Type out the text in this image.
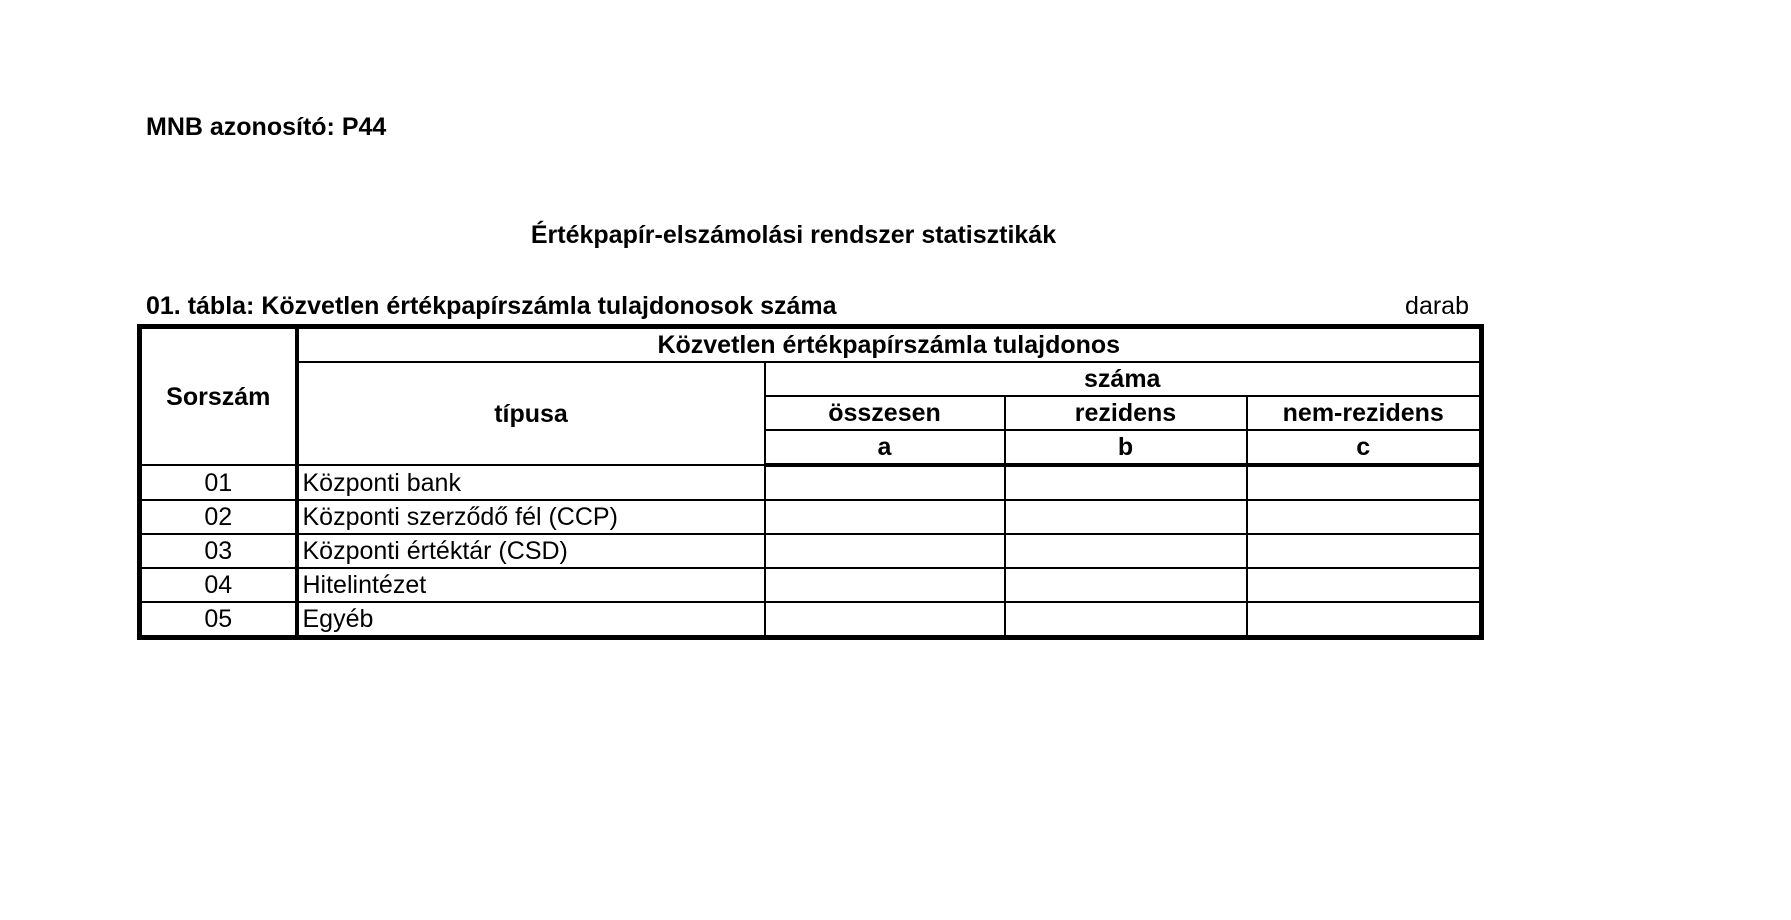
MNB azonosító: P44
Értékpapír-elszámolási rendszer statisztikák
01. tábla: Közvetlen értékpapírszámla tulajdonosok száma	darab
Sorszám	Közvetlen értékpapírszámla tulajdonos			
	típusa	száma		
		összesen	rezidens	nem-rezidens
		a	b	c
01	Központi bank			
02	Központi szerződő fél (CCP)			
03	Központi értéktár (CSD)			
04	Hitelintézet			
05	Egyéb			
